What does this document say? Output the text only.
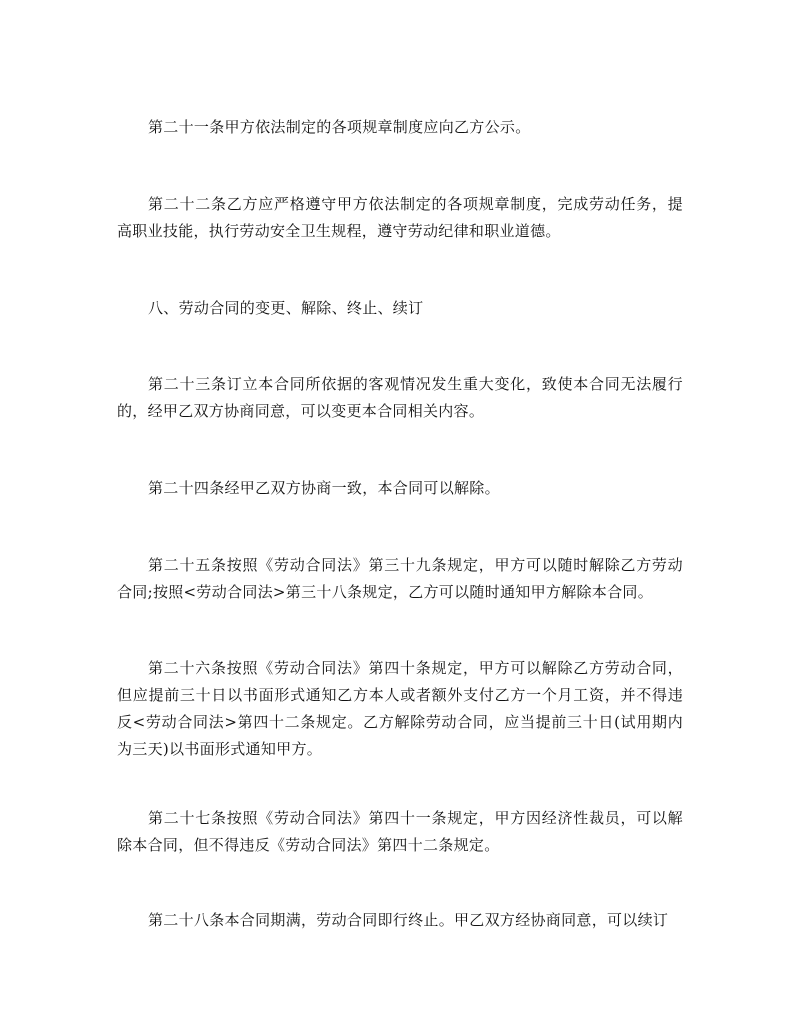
第二十一条甲方依法制定的各项规章制度应向乙方公示。

第二十二条乙方应严格遵守甲方依法制定的各项规章制度，完成劳动任务，提高职业技能，执行劳动安全卫生规程，遵守劳动纪律和职业道德。

八、劳动合同的变更、解除、终止、续订

第二十三条订立本合同所依据的客观情况发生重大变化，致使本合同无法履行的，经甲乙双方协商同意，可以变更本合同相关内容。

第二十四条经甲乙双方协商一致，本合同可以解除。

第二十五条按照《劳动合同法》第三十九条规定，甲方可以随时解除乙方劳动合同;按照<劳动合同法>第三十八条规定，乙方可以随时通知甲方解除本合同。

第二十六条按照《劳动合同法》第四十条规定，甲方可以解除乙方劳动合同，但应提前三十日以书面形式通知乙方本人或者额外支付乙方一个月工资，并不得违反<劳动合同法>第四十二条规定。乙方解除劳动合同，应当提前三十日(试用期内为三天)以书面形式通知甲方。

第二十七条按照《劳动合同法》第四十一条规定，甲方因经济性裁员，可以解除本合同，但不得违反《劳动合同法》第四十二条规定。

第二十八条本合同期满，劳动合同即行终止。甲乙双方经协商同意，可以续订
